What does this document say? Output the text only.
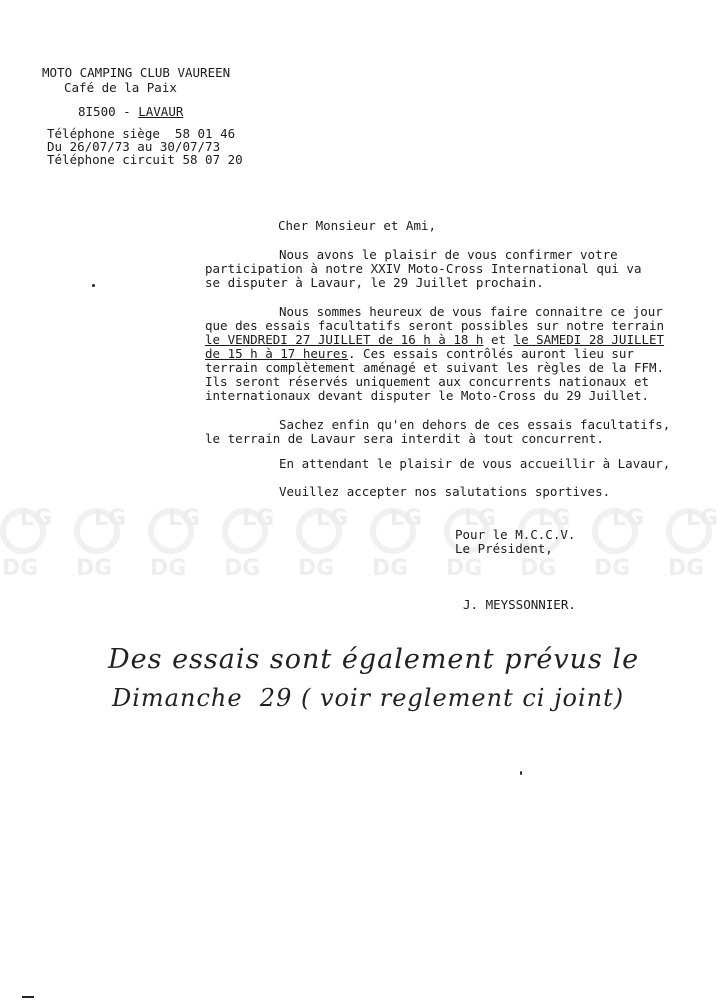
LG
DG
LG
DG
LG
DG
LG
DG
LG
DG
LG
DG
LG
DG
LG
DG
LG
DG
LG
DG
MOTO CAMPING CLUB VAUREEN
Café de la Paix
8I500 - LAVAUR
Téléphone siège  58 01 46
Du 26/07/73 au 30/07/73
Téléphone circuit 58 07 20
Cher Monsieur et Ami,
Nous avons le plaisir de vous confirmer votre
participation à notre XXIV Moto-Cross International qui va
se disputer à Lavaur, le 29 Juillet prochain.
Nous sommes heureux de vous faire connaitre ce jour
que des essais facultatifs seront possibles sur notre terrain
le VENDREDI 27 JUILLET de 16 h à 18 h et le SAMEDI 28 JUILLET
de 15 h à 17 heures. Ces essais contrôlés auront lieu sur
terrain complètement aménagé et suivant les règles de la FFM.
Ils seront réservés uniquement aux concurrents nationaux et
internationaux devant disputer le Moto-Cross du 29 Juillet.
Sachez enfin qu'en dehors de ces essais facultatifs,
le terrain de Lavaur sera interdit à tout concurrent.
En attendant le plaisir de vous accueillir à Lavaur,
Veuillez accepter nos salutations sportives.
Pour le M.C.C.V.
Le Président,
J. MEYSSONNIER.
Des essais sont également prévus le
Dimanche  29 ( voir reglement ci joint)
